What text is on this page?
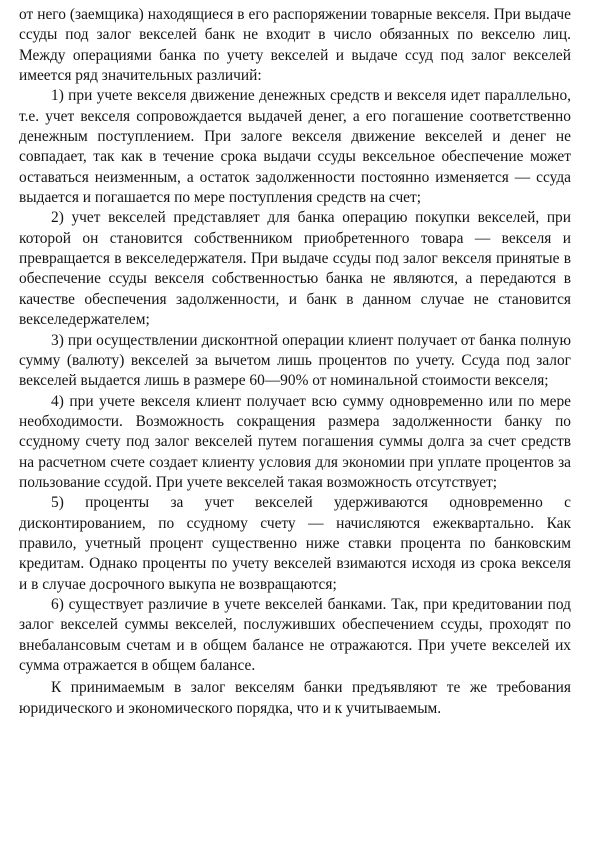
от него (заемщика) находящиеся в его распоряжении товарные векселя. При выдаче ссуды под залог векселей банк не входит в число обязанных по векселю лиц. Между операциями банка по учету векселей и выдаче ссуд под залог векселей имеется ряд значительных различий:

1) при учете векселя движение денежных средств и векселя идет параллельно, т.е. учет векселя сопровождается выдачей денег, а его погашение соответственно денежным поступлением. При залоге векселя движение векселей и денег не совпадает, так как в течение срока выдачи ссуды вексельное обеспечение может оставаться неизменным, а остаток задолженности постоянно изменяется — ссуда выдается и погашается по мере поступления средств на счет;

2) учет векселей представляет для банка операцию покупки векселей, при которой он становится собственником приобретенного товара — векселя и превращается в векселедержателя. При выдаче ссуды под залог векселя принятые в обеспечение ссуды векселя собственностью банка не являются, а передаются в качестве обеспечения задолженности, и банк в данном случае не становится векселедержателем;

3) при осуществлении дисконтной операции клиент получает от банка полную сумму (валюту) векселей за вычетом лишь процентов по учету. Ссуда под залог векселей выдается лишь в размере 60—90% от номинальной стоимости векселя;

4) при учете векселя клиент получает всю сумму одновременно или по мере необходимости. Возможность сокращения размера задолженности банку по ссудному счету под залог векселей путем погашения суммы долга за счет средств на расчетном счете создает клиенту условия для экономии при уплате процентов за пользование ссудой. При учете векселей такая возможность отсутствует;

5) проценты за учет векселей удерживаются одновременно с дисконтированием, по ссудному счету — начисляются ежеквартально. Как правило, учетный процент существенно ниже ставки процента по банковским кредитам. Однако проценты по учету векселей взимаются исходя из срока векселя и в случае досрочного выкупа не возвращаются;

6) существует различие в учете векселей банками. Так, при кредитовании под залог векселей суммы векселей, послуживших обеспечением ссуды, проходят по внебалансовым счетам и в общем балансе не отражаются. При учете векселей их сумма отражается в общем балансе.

К принимаемым в залог векселям банки предъявляют те же требования юридического и экономического порядка, что и к учитываемым.
